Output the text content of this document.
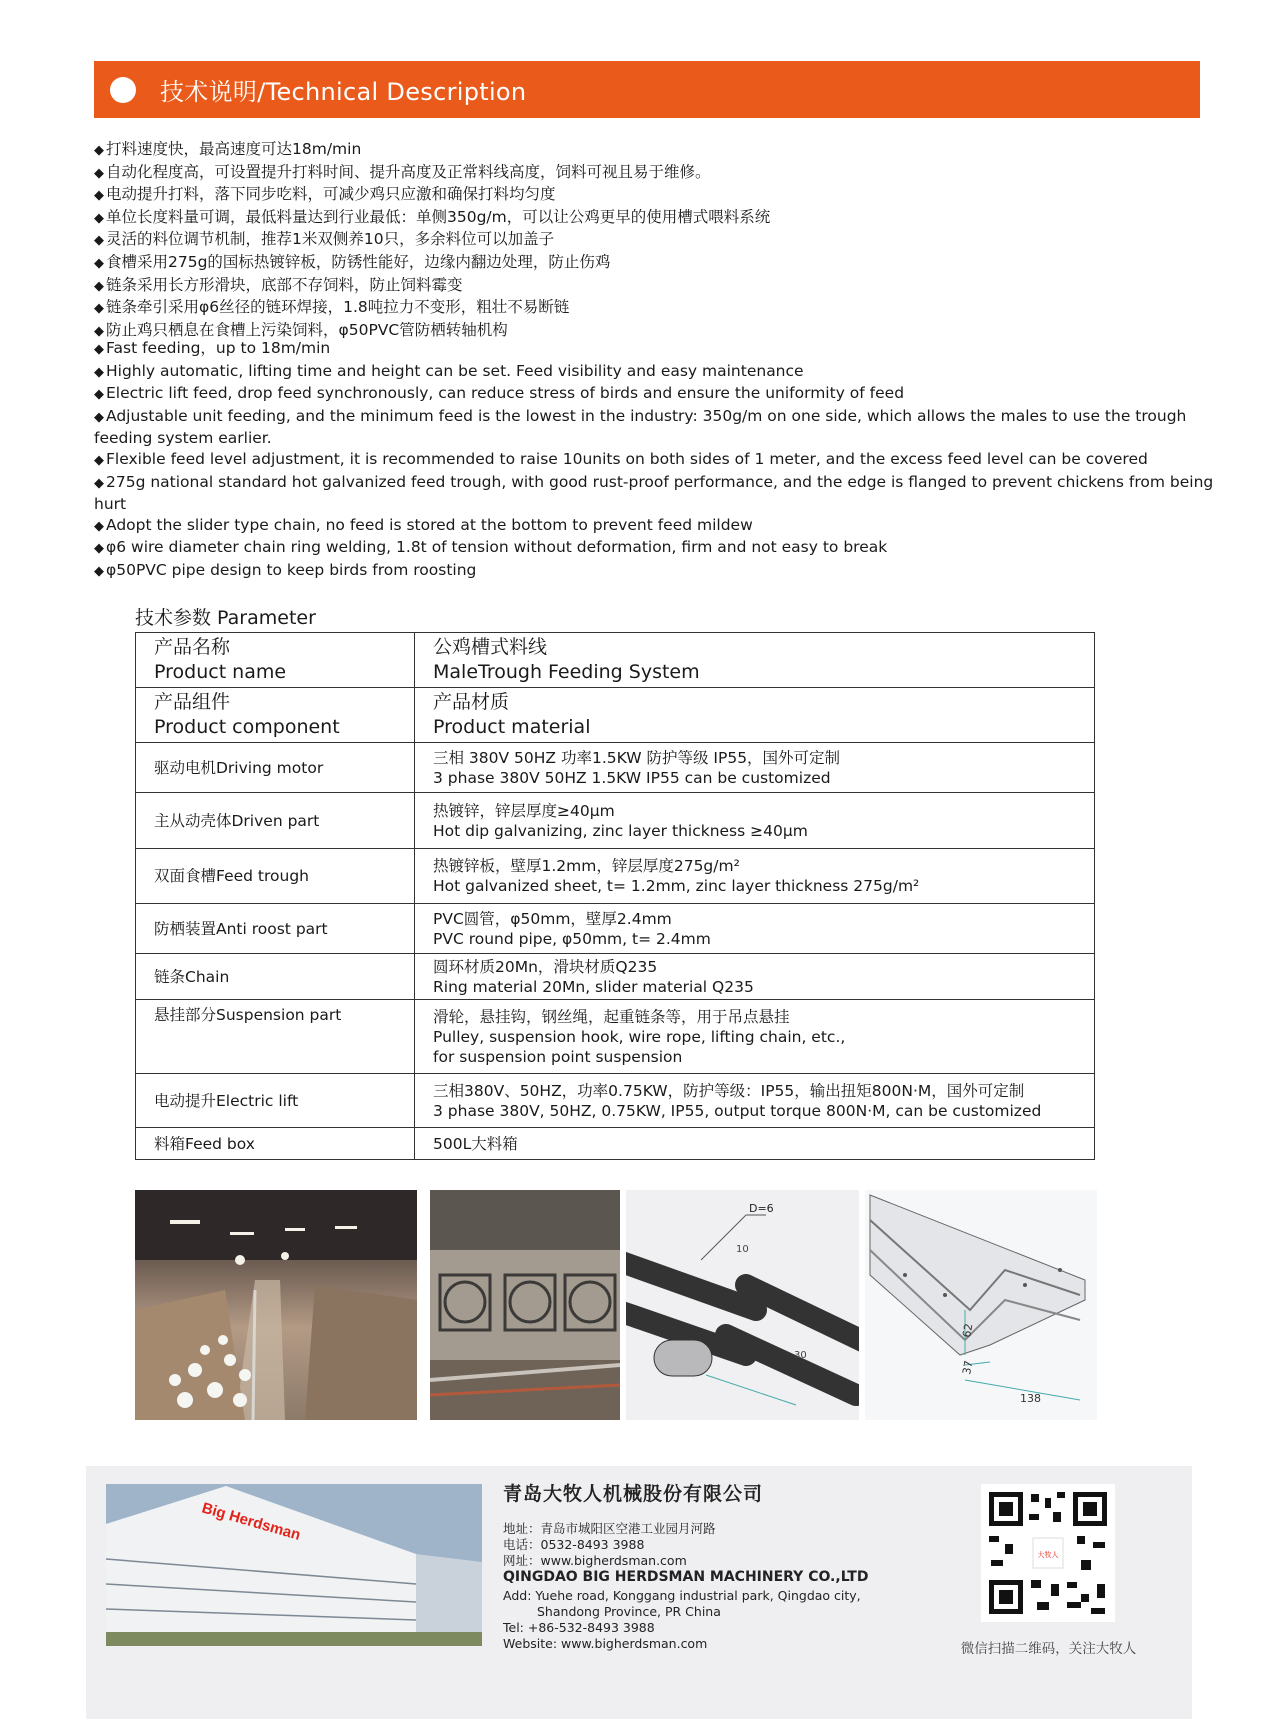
技术说明/Technical Description
◆ 打料速度快，最高速度可达18m/min
◆ 自动化程度高，可设置提升打料时间、提升高度及正常料线高度，饲料可视且易于维修。
◆ 电动提升打料，落下同步吃料，可减少鸡只应激和确保打料均匀度
◆ 单位长度料量可调，最低料量达到行业最低：单侧350g/m，可以让公鸡更早的使用槽式喂料系统
◆ 灵活的料位调节机制，推荐1米双侧养10只，多余料位可以加盖子
◆ 食槽采用275g的国标热镀锌板，防锈性能好，边缘内翻边处理，防止伤鸡
◆ 链条采用长方形滑块，底部不存饲料，防止饲料霉变
◆ 链条牵引采用φ6丝径的链环焊接，1.8吨拉力不变形，粗壮不易断链
◆ 防止鸡只栖息在食槽上污染饲料，φ50PVC管防栖转轴机构
◆ Fast feeding，up to 18m/min
◆ Highly automatic, lifting time and height can be set. Feed visibility and easy maintenance
◆ Electric lift feed, drop feed synchronously, can reduce stress of birds and ensure the uniformity of feed
◆ Adjustable unit feeding, and the minimum feed is the lowest in the industry: 350g/m on one side, which allows the males to use the trough feeding system earlier.
◆ Flexible feed level adjustment, it is recommended to raise 10units on both sides of 1 meter, and the excess feed level can be covered
◆ 275g national standard hot galvanized feed trough, with good rust-proof performance, and the edge is flanged to prevent chickens from being hurt
◆ Adopt the slider type chain, no feed is stored at the bottom to prevent feed mildew
◆ φ6 wire diameter chain ring welding, 1.8t of tension without deformation, firm and not easy to break
◆ φ50PVC pipe design to keep birds from roosting
技术参数 Parameter
产品名称
Product name	公鸡槽式料线
MaleTrough Feeding System

产品组件
Product component	产品材质
Product material

驱动电机Driving motor	三相 380V 50HZ 功率1.5KW 防护等级 IP55，国外可定制
3 phase 380V 50HZ 1.5KW IP55 can be customized

主从动壳体Driven part	热镀锌，锌层厚度≥40μm
Hot dip galvanizing, zinc layer thickness ≥40μm

双面食槽Feed trough	热镀锌板，壁厚1.2mm，锌层厚度275g/m²
Hot galvanized sheet, t= 1.2mm, zinc layer thickness 275g/m²

防栖装置Anti roost part	PVC圆管，φ50mm，壁厚2.4mm
PVC round pipe, φ50mm, t= 2.4mm

链条Chain	圆环材质20Mn，滑块材质Q235
Ring material 20Mn, slider material Q235

悬挂部分Suspension part	滑轮，悬挂钩，钢丝绳，起重链条等，用于吊点悬挂
Pulley, suspension hook, wire rope, lifting chain, etc.,
for suspension point suspension

电动提升Electric lift	三相380V、50HZ，功率0.75KW，防护等级：IP55，输出扭矩800N·M，国外可定制
3 phase 380V, 50HZ, 0.75KW, IP55, output torque 800N·M, can be customized

料箱Feed box	500L大料箱
D=6
10
30
62
37
138
Big Herdsman
青岛大牧人机械股份有限公司
地址：青岛市城阳区空港工业园月河路
电话：0532-8493 3988
网址：www.bigherdsman.com
QINGDAO BIG HERDSMAN MACHINERY CO.,LTD
Add: Yuehe road, Konggang industrial park, Qingdao city,
Shandong Province, PR China
Tel: +86-532-8493 3988
Website: www.bigherdsman.com
大牧人
微信扫描二维码，关注大牧人
